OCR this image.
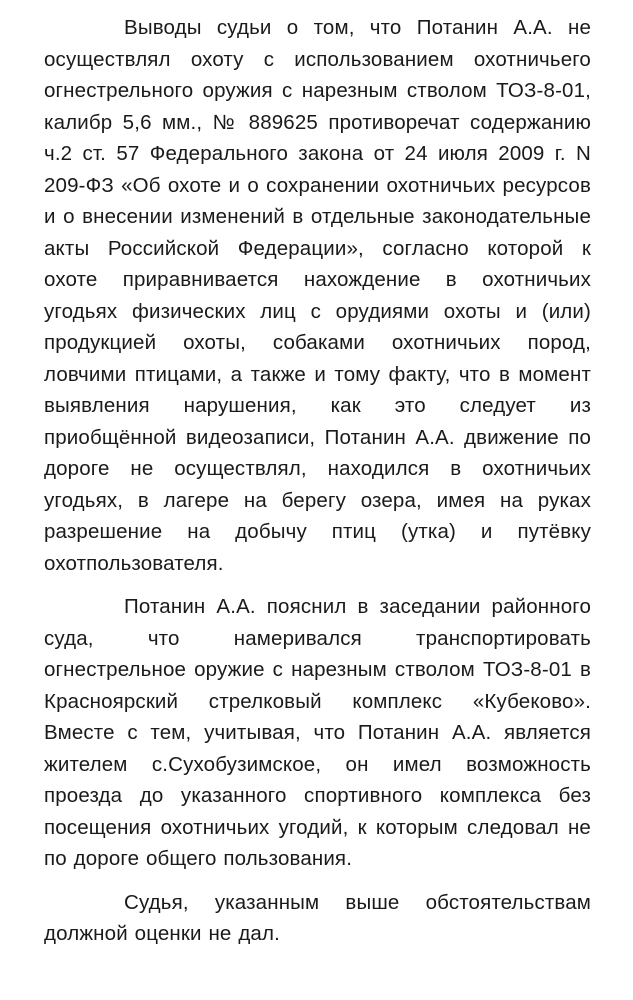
Выводы судьи о том, что Потанин А.А. не осуществлял охоту с использованием охотничьего огнестрельного оружия с нарезным стволом ТОЗ-8-01, калибр 5,6 мм., № 889625 противоречат содержанию ч.2 ст. 57 Федерального закона от 24 июля 2009 г. N 209-ФЗ «Об охоте и о сохранении охотничьих ресурсов и о внесении изменений в отдельные законодательные акты Российской Федерации», согласно которой к охоте приравнивается нахождение в охотничьих угодьях физических лиц с орудиями охоты и (или) продукцией охоты, собаками охотничьих пород, ловчими птицами, а также и тому факту, что в момент выявления нарушения, как это следует из приобщённой видеозаписи, Потанин А.А. движение по дороге не осуществлял, находился в охотничьих угодьях, в лагере на берегу озера, имея на руках разрешение на добычу птиц (утка) и путёвку охотпользователя.

Потанин А.А. пояснил в заседании районного суда, что намеривался транспортировать огнестрельное оружие с нарезным стволом ТОЗ-8-01 в Красноярский стрелковый комплекс «Кубеково». Вместе с тем, учитывая, что Потанин А.А. является жителем с.Сухобузимское, он имел возможность проезда до указанного спортивного комплекса без посещения охотничьих угодий, к которым следовал не по дороге общего пользования.

Судья, указанным выше обстоятельствам должной оценки не дал.
